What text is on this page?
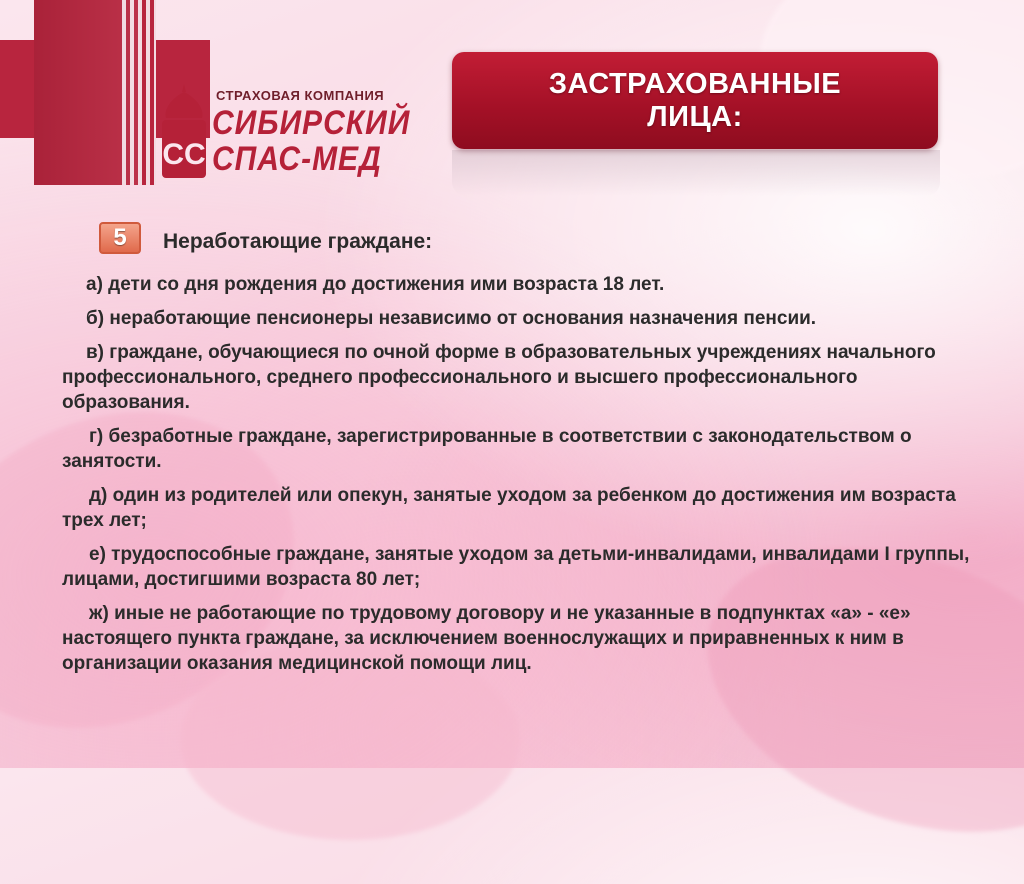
СС
СТРАХОВАЯ КОМПАНИЯ
СИБИРСКИЙ
СПАС-МЕД
ЗАСТРАХОВАННЫЕ
ЛИЦА:
5	Неработающие граждане:

а) дети со дня рождения до достижения ими возраста 18 лет.

б) неработающие пенсионеры независимо от основания назначения пенсии.

в) граждане, обучающиеся по очной форме в образовательных учреждениях начального профессионального, среднего профессионального и высшего профессионального образования.

г) безработные граждане, зарегистрированные в соответствии с законодательством о занятости.

д) один из родителей или опекун, занятые уходом за ребенком до достижения им возраста трех лет;

е) трудоспособные граждане, занятые уходом за детьми-инвалидами, инвалидами I группы, лицами, достигшими возраста 80 лет;

ж) иные не работающие по трудовому договору и не указанные в подпунктах «а» - «е» настоящего пункта граждане, за исключением военнослужащих и приравненных к ним в организации оказания медицинской помощи лиц.
